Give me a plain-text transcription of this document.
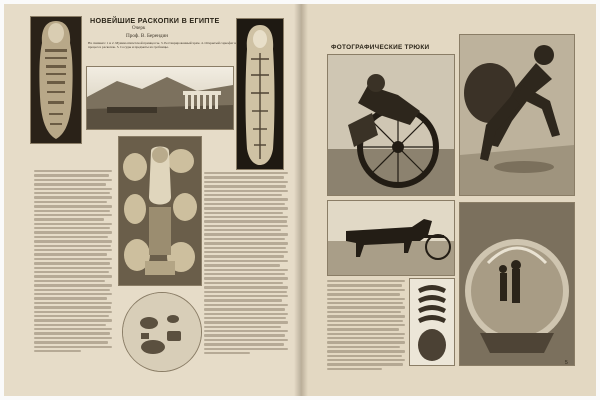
НОВЕЙШИЕ РАСКОПКИ В ЕГИПТЕ
Очерк
Проф. В. Берендин
На снимках: 1 и 2. Мумии египетской принцессы. 3. Реставрированный храм. 4. Открытый саркофаг в процессе раскопок. 5. Сосуды и предметы из гробницы.	ФОТОГРАФИЧЕСКИЕ ТРЮКИ
5
